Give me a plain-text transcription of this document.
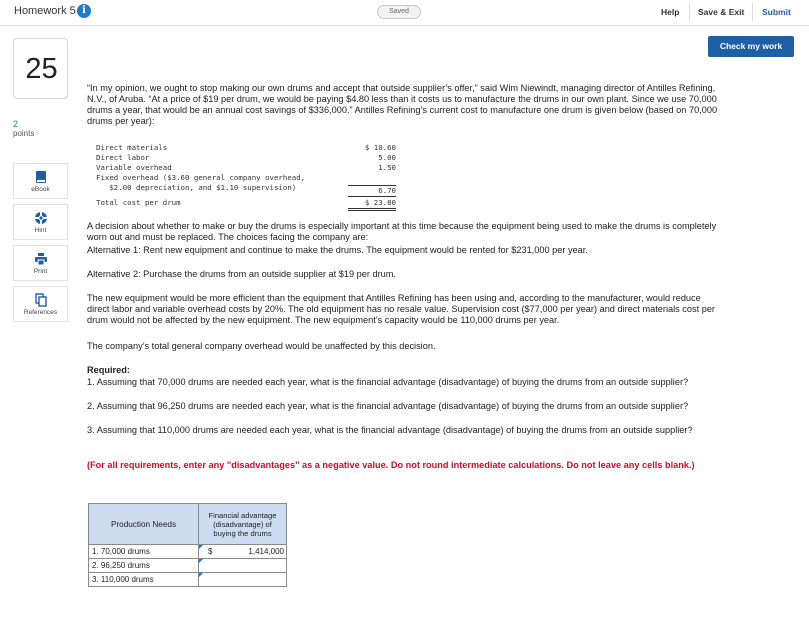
Homework 5 i	Saved	Help Save & Exit Submit
Check my work
25
2
points
eBook
Hint
Print
References
“In my opinion, we ought to stop making our own drums and accept that outside supplier’s offer,” said Wim Niewindt, managing director of Antilles Refining, N.V., of Aruba. “At a price of $19 per drum, we would be paying $4.80 less than it costs us to manufacture the drums in our own plant. Since we use 70,000 drums a year, that would be an annual cost savings of $336,000.” Antilles Refining’s current cost to manufacture one drum is given below (based on 70,000 drums per year):
Direct materials	$ 10.60
Direct labor	5.00
Variable overhead	1.50
Fixed overhead ($3.60 general company overhead,
$2.00 depreciation, and $1.10 supervision)	6.70
Total cost per drum	$ 23.80
A decision about whether to make or buy the drums is especially important at this time because the equipment being used to make the drums is completely worn out and must be replaced. The choices facing the company are:
Alternative 1: Rent new equipment and continue to make the drums. The equipment would be rented for $231,000 per year.
Alternative 2: Purchase the drums from an outside supplier at $19 per drum.
The new equipment would be more efficient than the equipment that Antilles Refining has been using and, according to the manufacturer, would reduce direct labor and variable overhead costs by 20%. The old equipment has no resale value. Supervision cost ($77,000 per year) and direct materials cost per drum would not be affected by the new equipment. The new equipment’s capacity would be 110,000 drums per year.
The company’s total general company overhead would be unaffected by this decision.
Required:
1. Assuming that 70,000 drums are needed each year, what is the financial advantage (disadvantage) of buying the drums from an outside supplier?
2. Assuming that 96,250 drums are needed each year, what is the financial advantage (disadvantage) of buying the drums from an outside supplier?
3. Assuming that 110,000 drums are needed each year, what is the financial advantage (disadvantage) of buying the drums from an outside supplier?
(For all requirements, enter any "disadvantages" as a negative value. Do not round intermediate calculations. Do not leave any cells blank.)
Production Needs	Financial advantage (disadvantage) of buying the drums
1. 70,000 drums	$ 1,414,000

2. 96,250 drums	

3. 110,000 drums	
